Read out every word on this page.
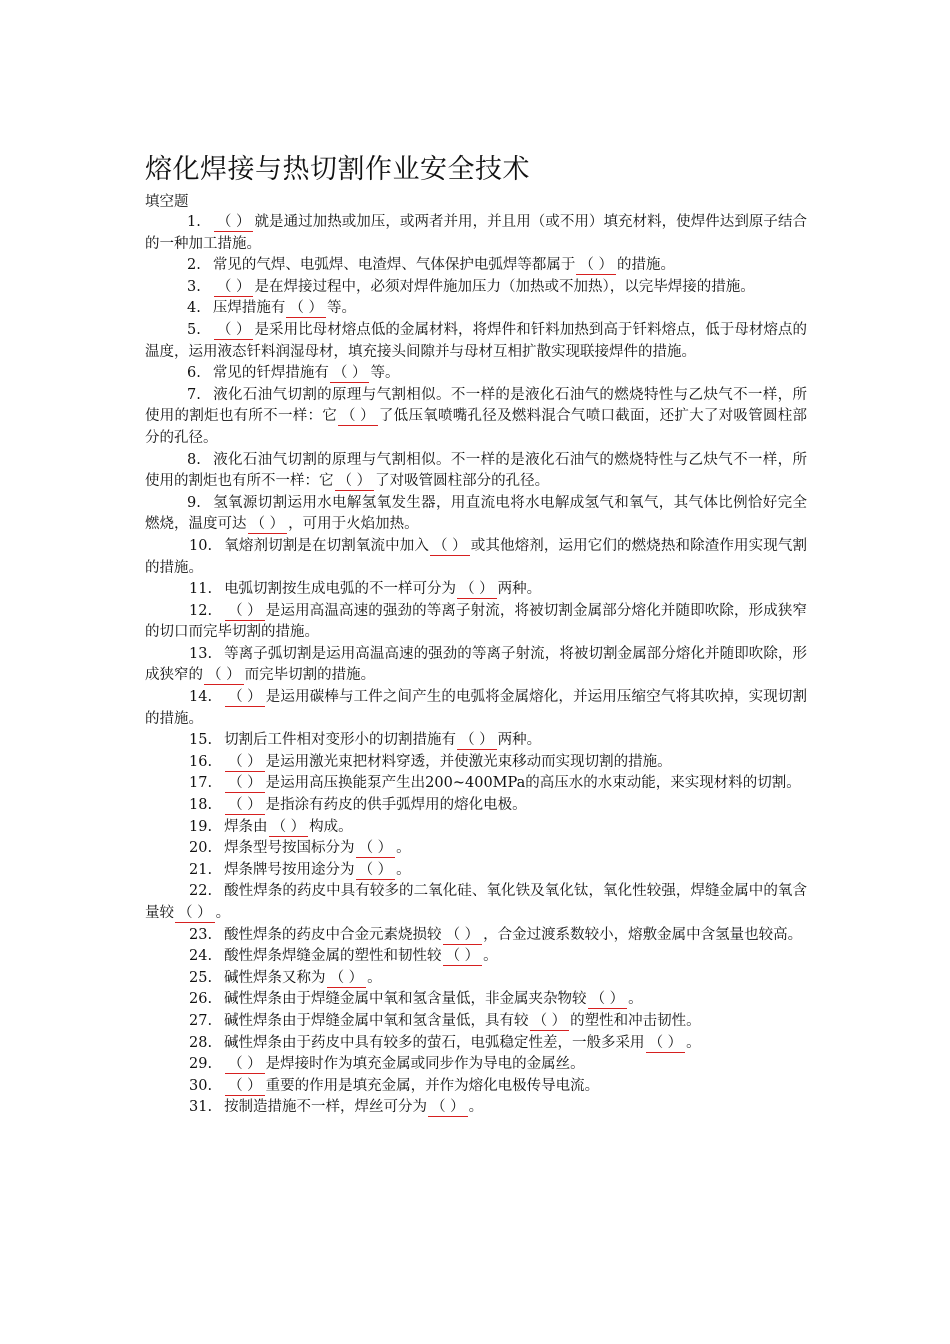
熔化焊接与热切割作业安全技术
填空题
1. （ ） 就是通过加热或加压，或两者并用，并且用（或不用）填充材料，使焊件达到原子结合的一种加工措施。
2. 常见的气焊、电弧焊、电渣焊、气体保护电弧焊等都属于 （ ） 的措施。
3. （ ） 是在焊接过程中，必须对焊件施加压力（加热或不加热），以完毕焊接的措施。
4. 压焊措施有 （ ） 等。
5. （ ） 是采用比母材熔点低的金属材料，将焊件和钎料加热到高于钎料熔点，低于母材熔点的温度，运用液态钎料润湿母材，填充接头间隙并与母材互相扩散实现联接焊件的措施。
6. 常见的钎焊措施有 （ ） 等。
7. 液化石油气切割的原理与气割相似。不一样的是液化石油气的燃烧特性与乙炔气不一样，所使用的割炬也有所不一样：它 （ ） 了低压氧喷嘴孔径及燃料混合气喷口截面，还扩大了对吸管圆柱部分的孔径。
8. 液化石油气切割的原理与气割相似。不一样的是液化石油气的燃烧特性与乙炔气不一样，所使用的割炬也有所不一样：它 （ ） 了对吸管圆柱部分的孔径。
9. 氢氧源切割运用水电解氢氧发生器，用直流电将水电解成氢气和氧气，其气体比例恰好完全燃烧，温度可达 （ ） ，可用于火焰加热。
10. 氧熔剂切割是在切割氧流中加入 （ ） 或其他熔剂，运用它们的燃烧热和除渣作用实现气割的措施。
11. 电弧切割按生成电弧的不一样可分为 （ ） 两种。
12. （ ） 是运用高温高速的强劲的等离子射流，将被切割金属部分熔化并随即吹除，形成狭窄的切口而完毕切割的措施。
13. 等离子弧切割是运用高温高速的强劲的等离子射流，将被切割金属部分熔化并随即吹除，形成狭窄的 （ ） 而完毕切割的措施。
14. （ ） 是运用碳棒与工件之间产生的电弧将金属熔化，并运用压缩空气将其吹掉，实现切割的措施。
15. 切割后工件相对变形小的切割措施有 （ ） 两种。
16. （ ） 是运用激光束把材料穿透，并使激光束移动而实现切割的措施。
17. （ ） 是运用高压换能泵产生出200~400MPa的高压水的水束动能，来实现材料的切割。
18. （ ） 是指涂有药皮的供手弧焊用的熔化电极。
19. 焊条由 （ ） 构成。
20. 焊条型号按国标分为 （ ） 。
21. 焊条牌号按用途分为 （ ） 。
22. 酸性焊条的药皮中具有较多的二氧化硅、氧化铁及氧化钛，氧化性较强，焊缝金属中的氧含量较 （ ） 。
23. 酸性焊条的药皮中合金元素烧损较 （ ） ，合金过渡系数较小，熔敷金属中含氢量也较高。
24. 酸性焊条焊缝金属的塑性和韧性较 （ ） 。
25. 碱性焊条又称为 （ ） 。
26. 碱性焊条由于焊缝金属中氧和氢含量低，非金属夹杂物较 （ ） 。
27. 碱性焊条由于焊缝金属中氧和氢含量低，具有较 （ ） 的塑性和冲击韧性。
28. 碱性焊条由于药皮中具有较多的萤石，电弧稳定性差，一般多采用 （ ） 。
29. （ ） 是焊接时作为填充金属或同步作为导电的金属丝。
30. （ ） 重要的作用是填充金属，并作为熔化电极传导电流。
31. 按制造措施不一样，焊丝可分为 （ ） 。
